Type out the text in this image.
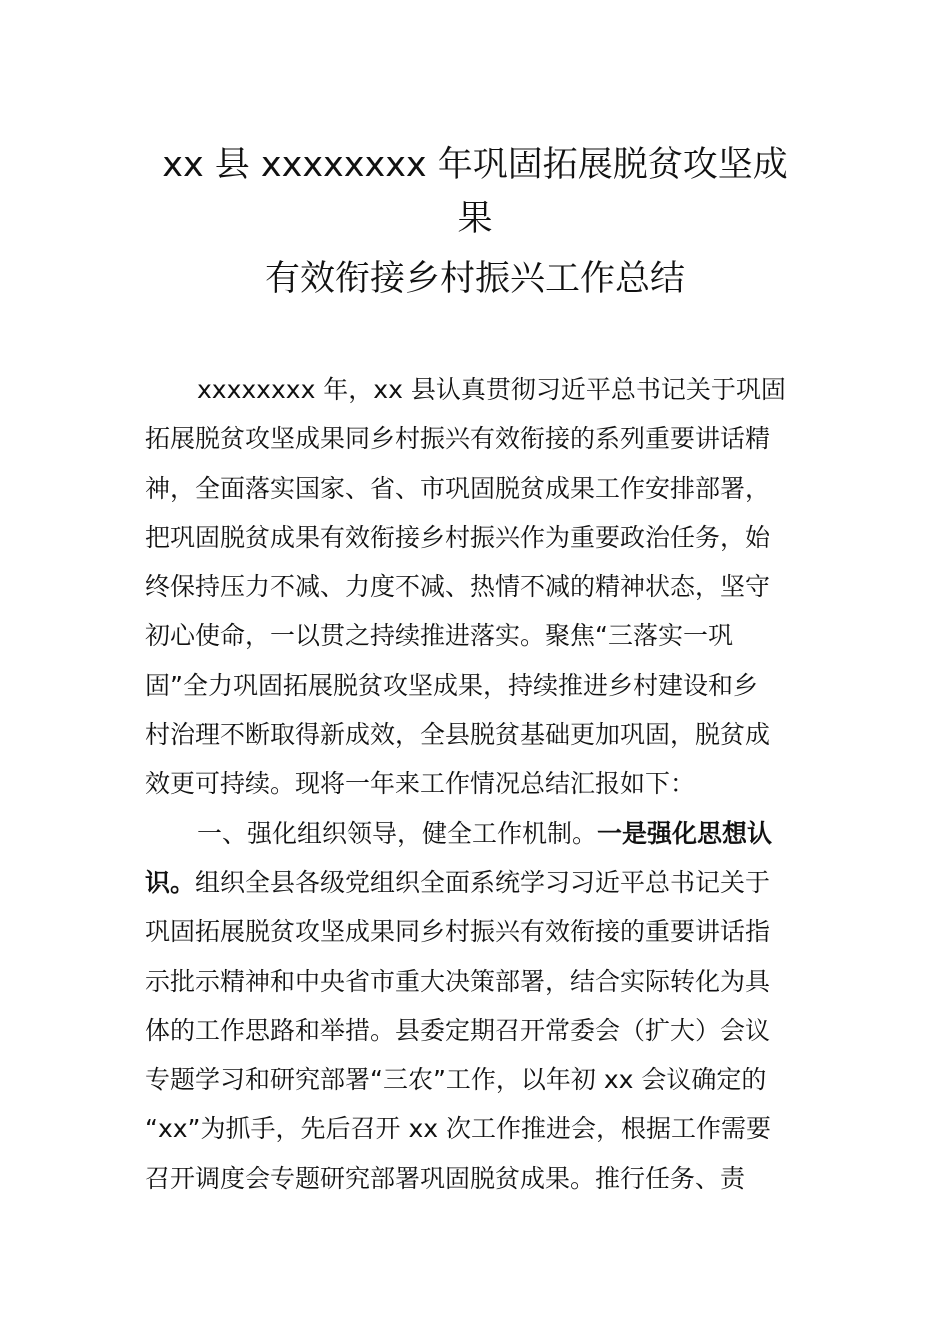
xx 县 xxxxxxxx 年巩固拓展脱贫攻坚成
果
有效衔接乡村振兴工作总结
xxxxxxxx 年，xx 县认真贯彻习近平总书记关于巩固
拓展脱贫攻坚成果同乡村振兴有效衔接的系列重要讲话精
神，全面落实国家、省、市巩固脱贫成果工作安排部署，
把巩固脱贫成果有效衔接乡村振兴作为重要政治任务，始
终保持压力不减、力度不减、热情不减的精神状态，坚守
初心使命，一以贯之持续推进落实。聚焦“三落实一巩
固”全力巩固拓展脱贫攻坚成果，持续推进乡村建设和乡
村治理不断取得新成效，全县脱贫基础更加巩固，脱贫成
效更可持续。现将一年来工作情况总结汇报如下：
一、强化组织领导，健全工作机制。一是强化思想认
识。组织全县各级党组织全面系统学习习近平总书记关于
巩固拓展脱贫攻坚成果同乡村振兴有效衔接的重要讲话指
示批示精神和中央省市重大决策部署，结合实际转化为具
体的工作思路和举措。县委定期召开常委会（扩大）会议
专题学习和研究部署“三农”工作，以年初 xx 会议确定的
“xx”为抓手，先后召开 xx 次工作推进会，根据工作需要
召开调度会专题研究部署巩固脱贫成果。推行任务、责
